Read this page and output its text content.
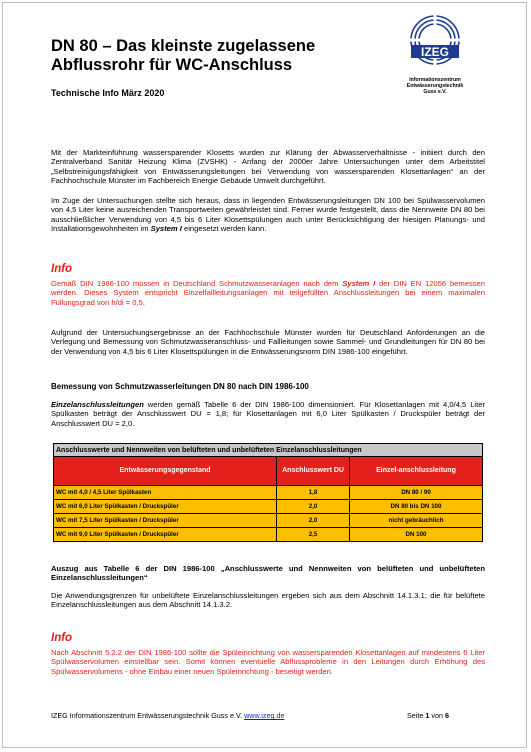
DN 80 – Das kleinste zugelassene
Abflussrohr für WC-Anschluss
Technische Info März 2020
IZEG
Informationszentrum
Entwässerungstechnik
Guss e.V.
Mit der Markteinführung wassersparender Klosetts wurden zur Klärung der Abwasserverhältnisse - initiiert durch den Zentralverband Sanitär Heizung Klima (ZVSHK) - Anfang der 2000er Jahre Untersuchungen unter dem Arbeitstitel „Selbstreinigungsfähigkeit von Entwässerungsleitungen bei Verwendung von wassersparenden Klosettanlagen“ an der Fachhochschule Münster im Fachbereich Energie Gebäude Umwelt durchgeführt.
Im Zuge der Untersuchungen stellte sich heraus, dass in liegenden Entwässerungsleitungen DN 100 bei Spülwasservolumen von 4,5 Liter keine ausreichenden Transportweiten gewährleistet sind. Ferner wurde festgestellt, dass die Nennweite DN 80 bei ausschließlicher Verwendung von 4,5 bis 6 Liter Klosettspülungen auch unter Berücksichtigung der hiesigen Planungs- und Installationsgewohnheiten im System I eingesetzt werden kann.
Info
Gemäß DIN 1986-100 müssen in Deutschland Schmutzwasseranlagen nach dem System I der DIN EN 12056 bemessen werden. Dieses System entspricht Einzelfallleitungsanlagen mit teilgefüllten Anschlussleitungen bei einem maximalen Füllungsgrad von h/di = 0,5.
Aufgrund der Untersuchungsergebnisse an der Fachhochschule Münster wurden für Deutschland Anforderungen an die Verlegung und Bemessung von Schmutzwasseranschluss- und Fallleitungen sowie Sammel- und Grundleitungen für DN 80 bei der Verwendung von 4,5 bis 6 Liter Klosettspülungen in die Entwässerungsnorm DIN 1986-100 eingeführt.
Bemessung von Schmutzwasserleitungen DN 80 nach DIN 1986-100
Einzelanschlussleitungen werden gemäß Tabelle 6 der DIN 1986-100 dimensioniert. Für Klosettanlagen mit 4,0/4,5 Liter Spülkasten beträgt der Anschlusswert DU = 1,8; für Klosettanlagen mit 6,0 Liter Spülkasten / Druckspüler beträgt der Anschlusswert DU = 2,0.
Anschlusswerte und Nennweiten von belüfteten und unbelüfteten Einzelanschlussleitungen		
Entwässerungsgegenstand	Anschlusswert DU	Einzel-anschlussleitung
WC mit 4,0 / 4,5 Liter Spülkasten	1,8	DN 80 / 90
WC mit 6,0 Liter Spülkasten / Druckspüler	2,0	DN 80 bis DN 100
WC mit 7,5 Liter Spülkasten / Druckspüler	2,0	nicht gebräuchlich
WC mit 9,0 Liter Spülkasten / Druckspüler	2,5	DN 100
Auszug aus Tabelle 6 der DIN 1986-100 „Anschlusswerte und Nennweiten von belüfteten und unbelüfteten Einzelanschlussleitungen“
Die Anwendungsgrenzen für unbelüftete Einzelanschlussleitungen ergeben sich aus dem Abschnitt 14.1.3.1; die für belüftete Einzelanschlussleitungen aus dem Abschnitt 14.1.3.2.
Info
Nach Abschnitt 5.2.2 der DIN 1986-100 sollte die Spüleinrichtung von wassersparenden Klosettanlagen auf mindestens 6 Liter Spülwasservolumen einstellbar sein. Somit können eventuelle Abflussprobleme in den Leitungen durch Erhöhung des Spülwasservolumens - ohne Einbau einer neuen Spüleinrichtung - beseitigt werden.
IZEG Informationszentrum Entwässerungstechnik Guss e.V. www.izeg.de	Seite 1 von 6
